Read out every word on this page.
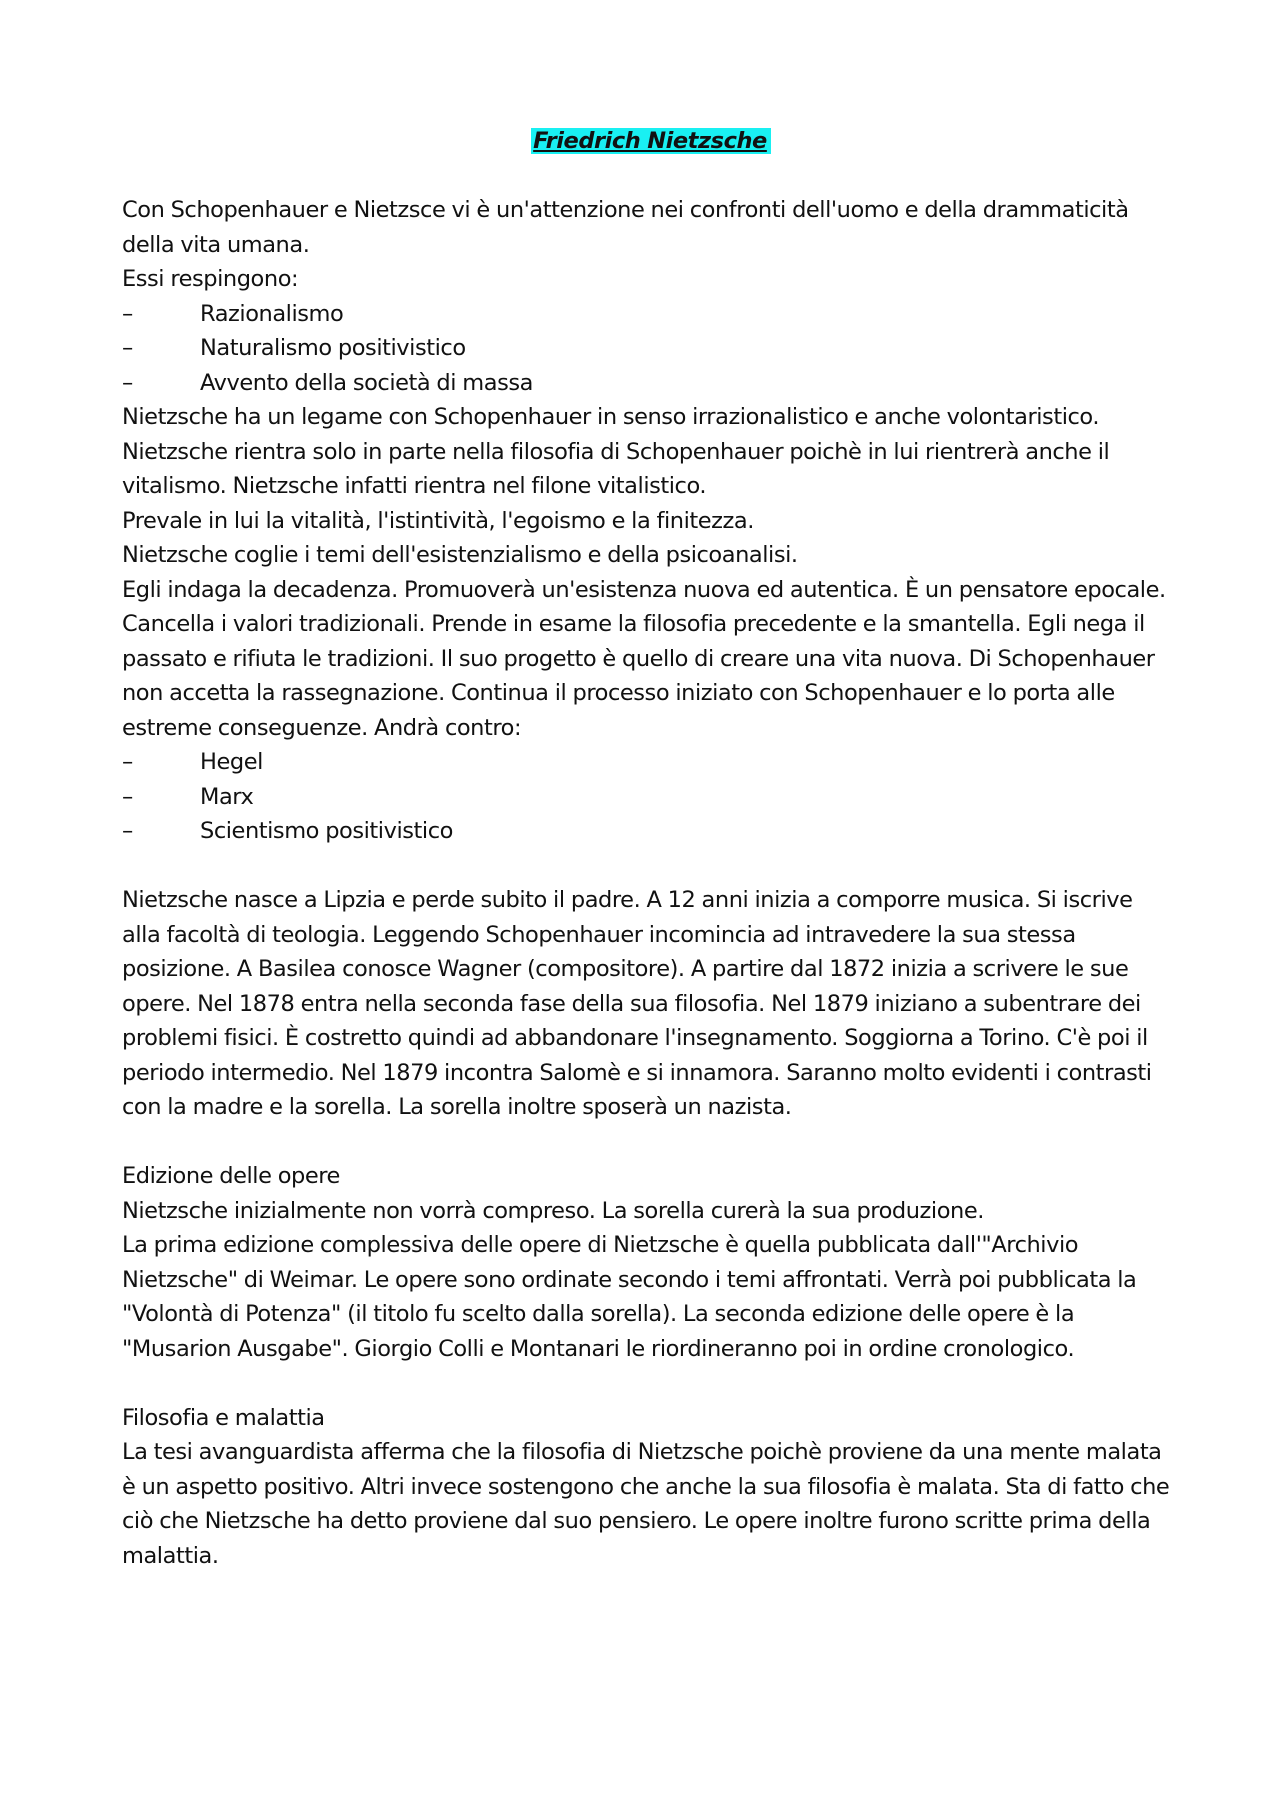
Friedrich Nietzsche

Con Schopenhauer e Nietzsce vi è un'attenzione nei confronti dell'uomo e della drammaticità della vita umana.

Essi respingono:

–	Razionalismo
–	Naturalismo positivistico
–	Avvento della società di massa

Nietzsche ha un legame con Schopenhauer in senso irrazionalistico e anche volontaristico. Nietzsche rientra solo in parte nella filosofia di Schopenhauer poichè in lui rientrerà anche il vitalismo. Nietzsche infatti rientra nel filone vitalistico.

Prevale in lui la vitalità, l'istintività, l'egoismo e la finitezza.

Nietzsche coglie i temi dell'esistenzialismo e della psicoanalisi.

Egli indaga la decadenza. Promuoverà un'esistenza nuova ed autentica. È un pensatore epocale. Cancella i valori tradizionali. Prende in esame la filosofia precedente e la smantella. Egli nega il passato e rifiuta le tradizioni. Il suo progetto è quello di creare una vita nuova. Di Schopenhauer non accetta la rassegnazione. Continua il processo iniziato con Schopenhauer e lo porta alle estreme conseguenze. Andrà contro:

–	Hegel
–	Marx
–	Scientismo positivistico

Nietzsche nasce a Lipzia e perde subito il padre. A 12 anni inizia a comporre musica. Si iscrive alla facoltà di teologia. Leggendo Schopenhauer incomincia ad intravedere la sua stessa posizione. A Basilea conosce Wagner (compositore). A partire dal 1872 inizia a scrivere le sue opere. Nel 1878 entra nella seconda fase della sua filosofia. Nel 1879 iniziano a subentrare dei problemi fisici. È costretto quindi ad abbandonare l'insegnamento. Soggiorna a Torino. C'è poi il periodo intermedio. Nel 1879 incontra Salomè e si innamora. Saranno molto evidenti i contrasti con la madre e la sorella. La sorella inoltre sposerà un nazista.

Edizione delle opere

Nietzsche inizialmente non vorrà compreso. La sorella curerà la sua produzione.

La prima edizione complessiva delle opere di Nietzsche è quella pubblicata dall'"Archivio Nietzsche" di Weimar. Le opere sono ordinate secondo i temi affrontati. Verrà poi pubblicata la "Volontà di Potenza" (il titolo fu scelto dalla sorella). La seconda edizione delle opere è la "Musarion Ausgabe". Giorgio Colli e Montanari le riordineranno poi in ordine cronologico.

Filosofia e malattia

La tesi avanguardista afferma che la filosofia di Nietzsche poichè proviene da una mente malata è un aspetto positivo. Altri invece sostengono che anche la sua filosofia è malata. Sta di fatto che ciò che Nietzsche ha detto proviene dal suo pensiero. Le opere inoltre furono scritte prima della malattia.
